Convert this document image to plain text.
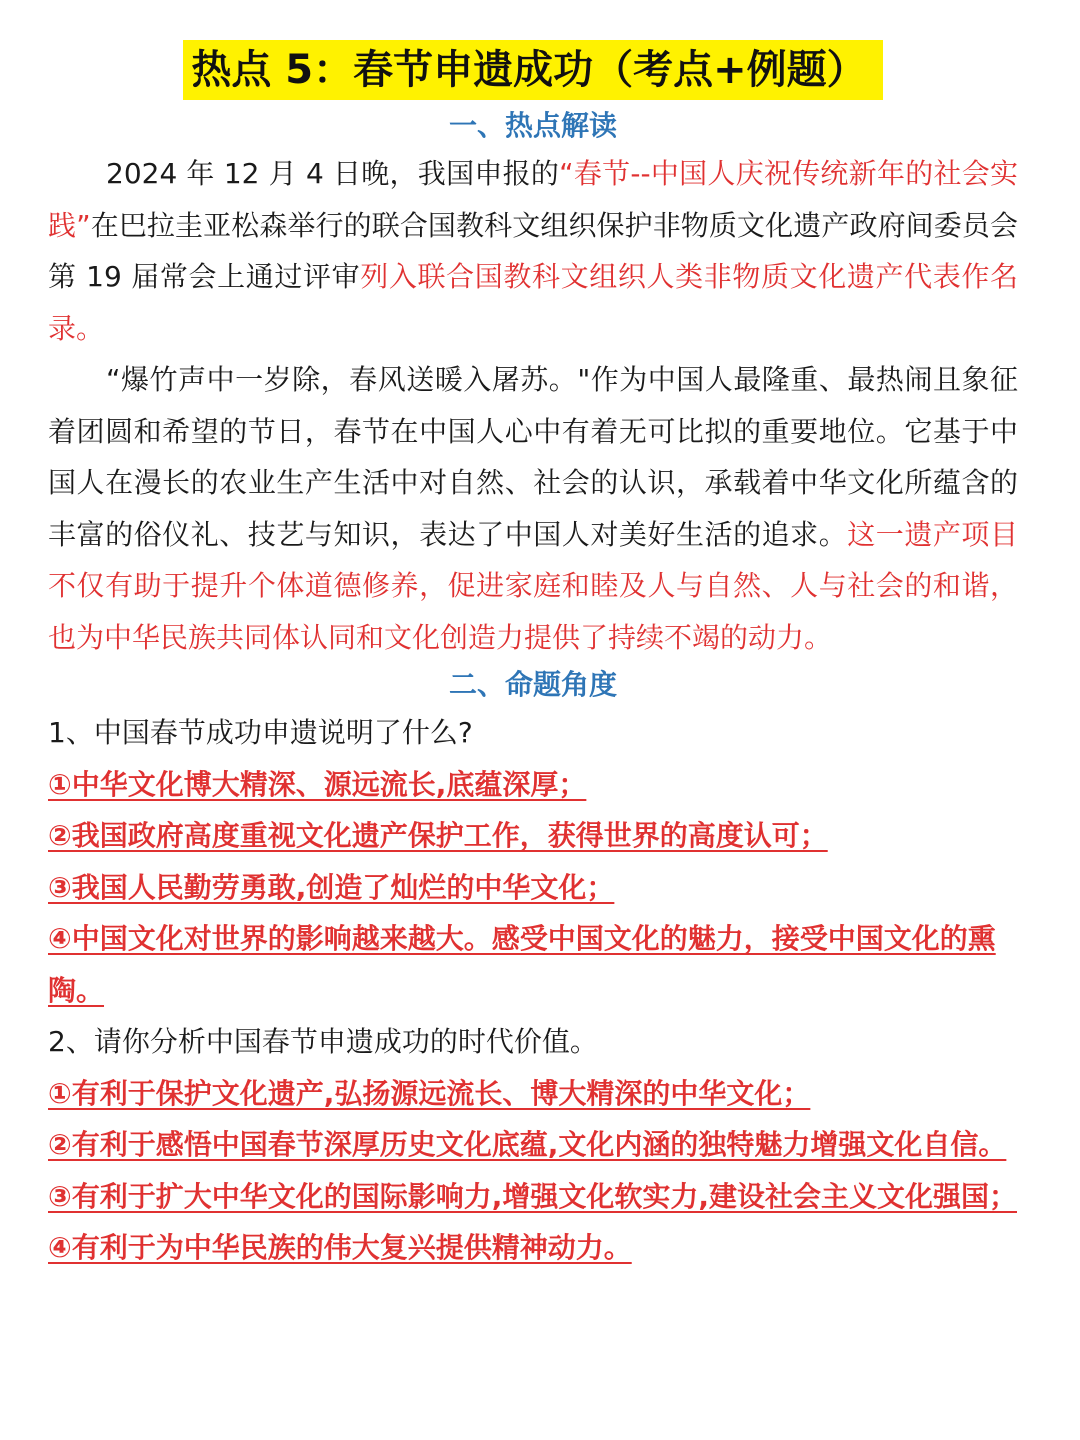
热点 5：春节申遗成功（考点+例题）

一、热点解读

2024 年 12 月 4 日晚，我国申报的“春节--中国人庆祝传统新年的社会实践”在巴拉圭亚松森举行的联合国教科文组织保护非物质文化遗产政府间委员会第 19 届常会上通过评审列入联合国教科文组织人类非物质文化遗产代表作名录。

“爆竹声中一岁除，春风送暖入屠苏。"作为中国人最隆重、最热闹且象征着团圆和希望的节日，春节在中国人心中有着无可比拟的重要地位。它基于中国人在漫长的农业生产生活中对自然、社会的认识，承载着中华文化所蕴含的丰富的俗仪礼、技艺与知识，表达了中国人对美好生活的追求。这一遗产项目不仅有助于提升个体道德修养，促进家庭和睦及人与自然、人与社会的和谐，也为中华民族共同体认同和文化创造力提供了持续不竭的动力。

二、命题角度

1、中国春节成功申遗说明了什么?

①中华文化博大精深、源远流长,底蕴深厚；

②我国政府高度重视文化遗产保护工作，获得世界的高度认可；

③我国人民勤劳勇敢,创造了灿烂的中华文化；

④中国文化对世界的影响越来越大。感受中国文化的魅力，接受中国文化的熏陶。

2、请你分析中国春节申遗成功的时代价值。

①有利于保护文化遗产,弘扬源远流长、博大精深的中华文化；

②有利于感悟中国春节深厚历史文化底蕴,文化内涵的独特魅力增强文化自信。

③有利于扩大中华文化的国际影响力,增强文化软实力,建设社会主义文化强国；

④有利于为中华民族的伟大复兴提供精神动力。
